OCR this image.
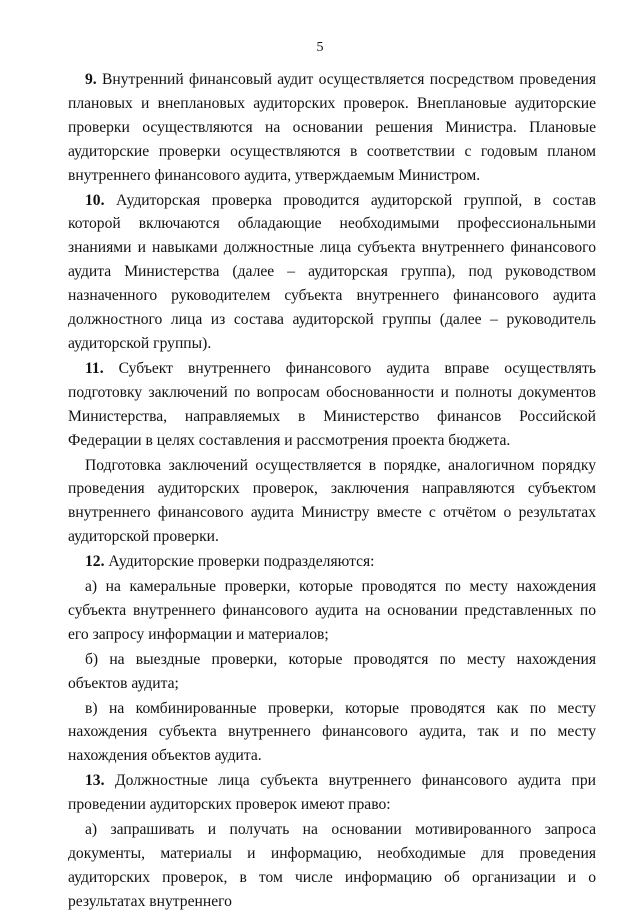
5

9. Внутренний финансовый аудит осуществляется посредством проведения плановых и внеплановых аудиторских проверок. Внеплановые аудиторские проверки осуществляются на основании решения Министра. Плановые аудиторские проверки осуществляются в соответствии с годовым планом внутреннего финансового аудита, утверждаемым Министром.

10. Аудиторская проверка проводится аудиторской группой, в состав которой включаются обладающие необходимыми профессиональными знаниями и навыками должностные лица субъекта внутреннего финансового аудита Министерства (далее – аудиторская группа), под руководством назначенного руководителем субъекта внутреннего финансового аудита должностного лица из состава аудиторской группы (далее – руководитель аудиторской группы).

11. Субъект внутреннего финансового аудита вправе осуществлять подготовку заключений по вопросам обоснованности и полноты документов Министерства, направляемых в Министерство финансов Российской Федерации в целях составления и рассмотрения проекта бюджета.

Подготовка заключений осуществляется в порядке, аналогичном порядку проведения аудиторских проверок, заключения направляются субъектом внутреннего финансового аудита Министру вместе с отчётом о результатах аудиторской проверки.

12. Аудиторские проверки подразделяются:

а) на камеральные проверки, которые проводятся по месту нахождения субъекта внутреннего финансового аудита на основании представленных по его запросу информации и материалов;

б) на выездные проверки, которые проводятся по месту нахождения объектов аудита;

в) на комбинированные проверки, которые проводятся как по месту нахождения субъекта внутреннего финансового аудита, так и по месту нахождения объектов аудита.

13. Должностные лица субъекта внутреннего финансового аудита при проведении аудиторских проверок имеют право:

а) запрашивать и получать на основании мотивированного запроса документы, материалы и информацию, необходимые для проведения аудиторских проверок, в том числе информацию об организации и о результатах внутреннего
